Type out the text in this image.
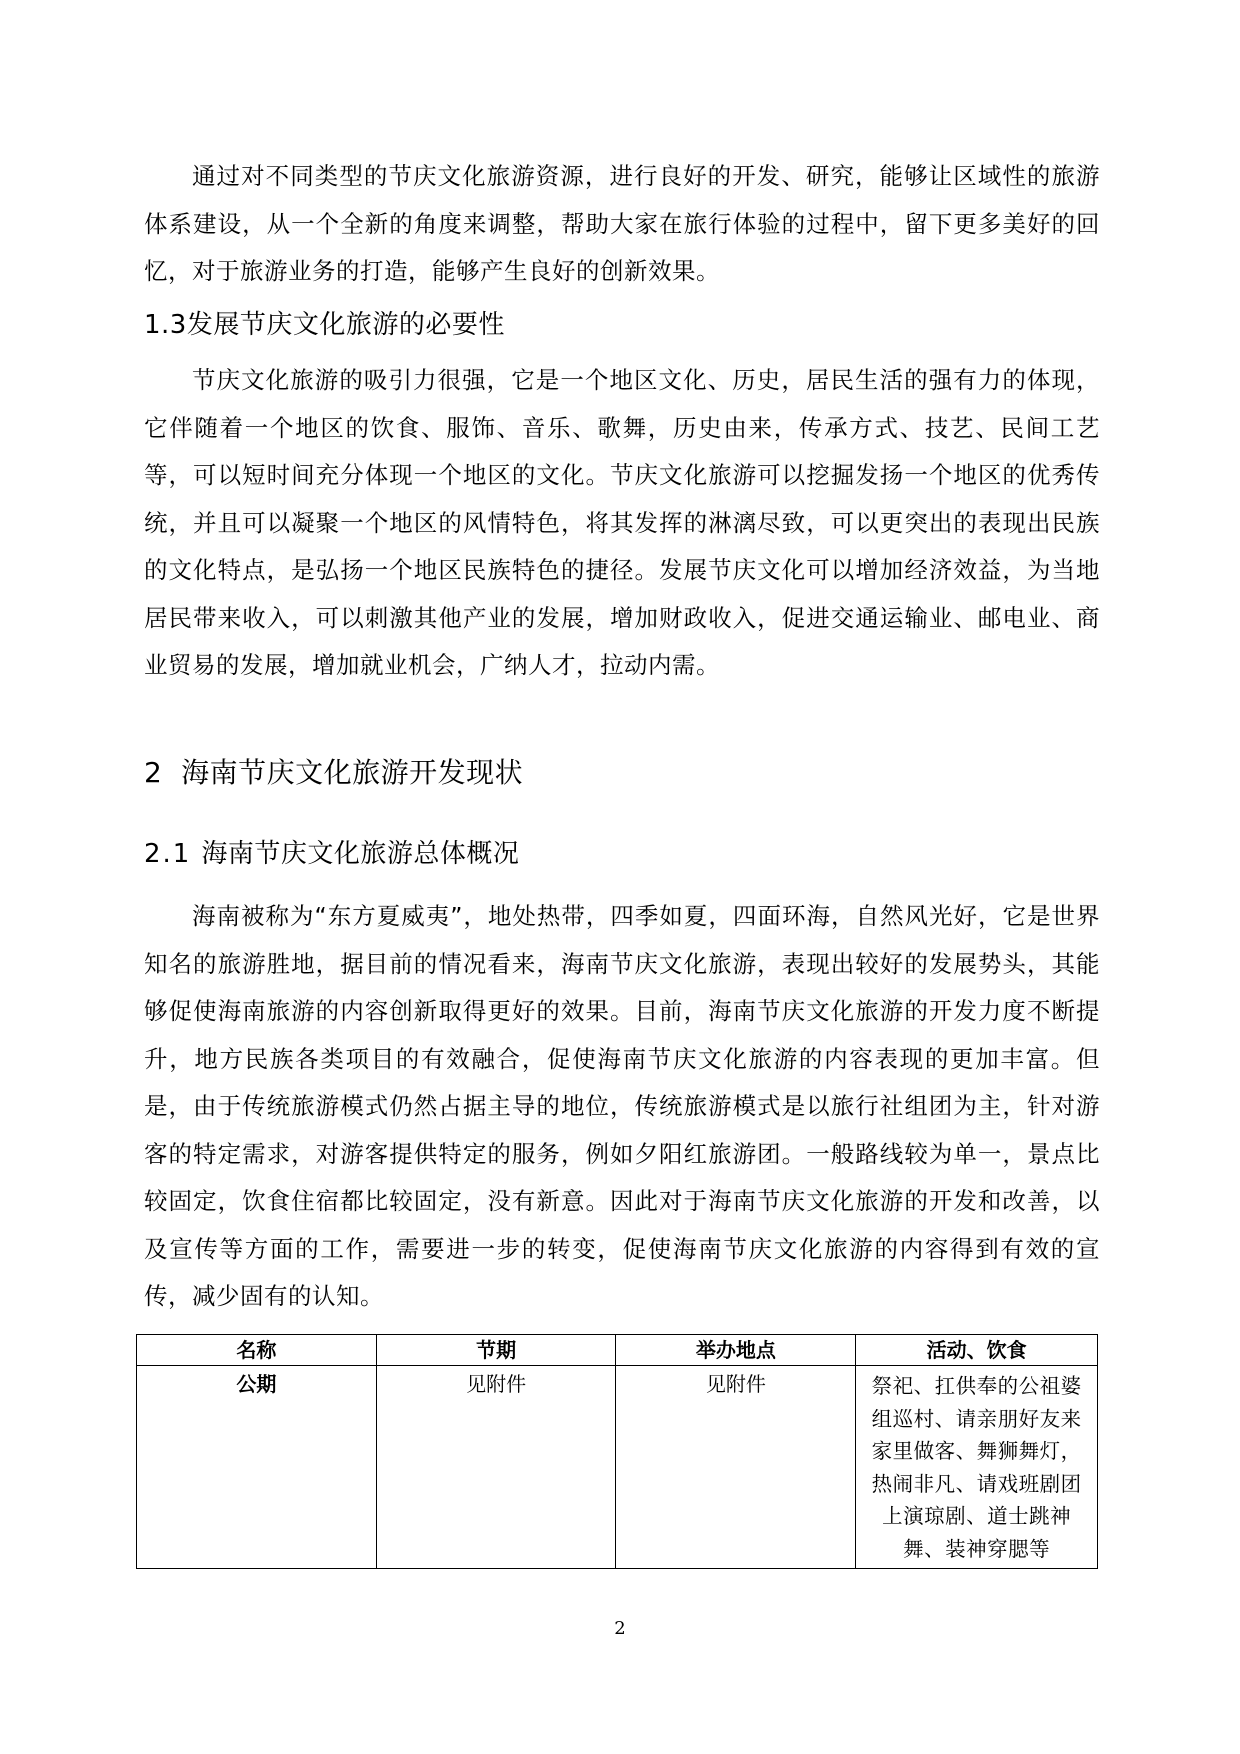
通过对不同类型的节庆文化旅游资源，进行良好的开发、研究，能够让区域性的旅游体系建设，从一个全新的角度来调整，帮助大家在旅行体验的过程中，留下更多美好的回忆，对于旅游业务的打造，能够产生良好的创新效果。

1.3发展节庆文化旅游的必要性

节庆文化旅游的吸引力很强，它是一个地区文化、历史，居民生活的强有力的体现，它伴随着一个地区的饮食、服饰、音乐、歌舞，历史由来，传承方式、技艺、民间工艺等，可以短时间充分体现一个地区的文化。节庆文化旅游可以挖掘发扬一个地区的优秀传统，并且可以凝聚一个地区的风情特色，将其发挥的淋漓尽致，可以更突出的表现出民族的文化特点，是弘扬一个地区民族特色的捷径。发展节庆文化可以增加经济效益，为当地居民带来收入，可以刺激其他产业的发展，增加财政收入，促进交通运输业、邮电业、商业贸易的发展，增加就业机会，广纳人才，拉动内需。

2  海南节庆文化旅游开发现状
2.1 海南节庆文化旅游总体概况

海南被称为“东方夏威夷”，地处热带，四季如夏，四面环海，自然风光好，它是世界知名的旅游胜地，据目前的情况看来，海南节庆文化旅游，表现出较好的发展势头，其能够促使海南旅游的内容创新取得更好的效果。目前，海南节庆文化旅游的开发力度不断提升，地方民族各类项目的有效融合，促使海南节庆文化旅游的内容表现的更加丰富。但是，由于传统旅游模式仍然占据主导的地位，传统旅游模式是以旅行社组团为主，针对游客的特定需求，对游客提供特定的服务，例如夕阳红旅游团。一般路线较为单一，景点比较固定，饮食住宿都比较固定，没有新意。因此对于海南节庆文化旅游的开发和改善，以及宣传等方面的工作，需要进一步的转变，促使海南节庆文化旅游的内容得到有效的宣传，减少固有的认知。

名称	节期	举办地点	活动、饮食
公期	见附件	见附件	祭祀、扛供奉的公祖婆组巡村、请亲朋好友来家里做客、舞狮舞灯，热闹非凡、请戏班剧团上演琼剧、道士跳神舞、装神穿腮等
2
